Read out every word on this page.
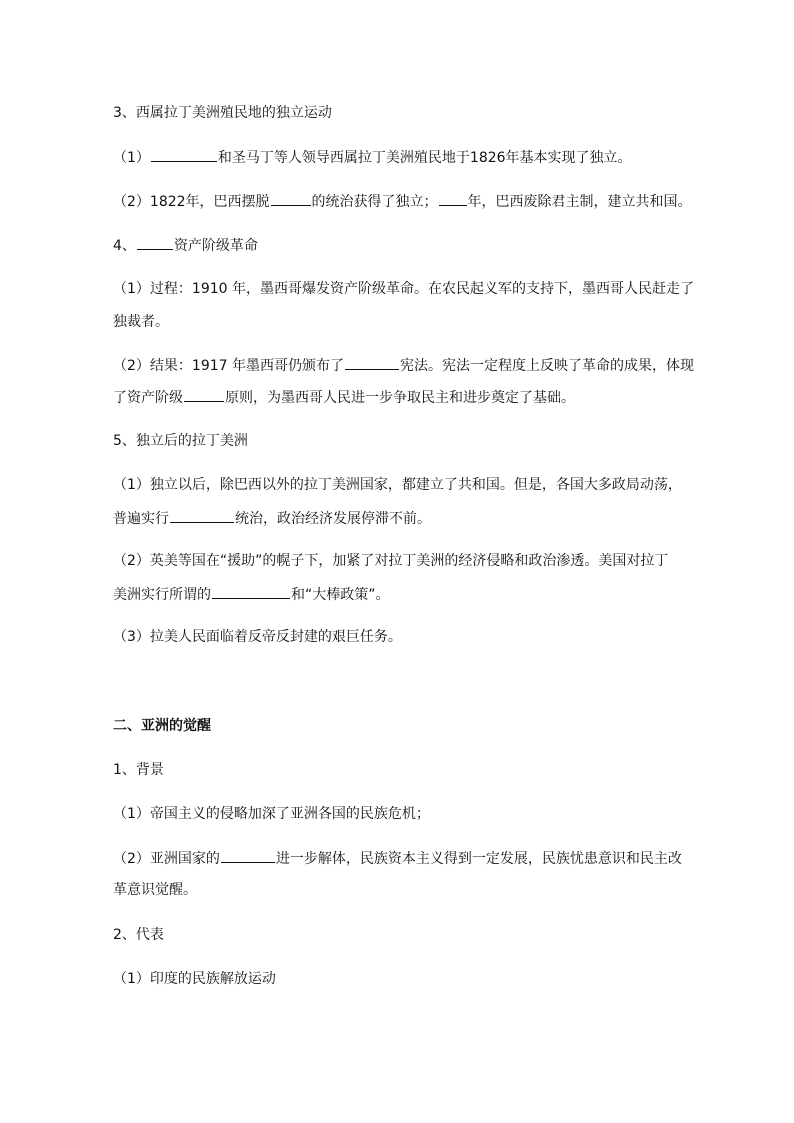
3、西属拉丁美洲殖民地的独立运动
（1）	和圣马丁等人领导西属拉丁美洲殖民地于1826年基本实现了独立。
（2）1822年，巴西摆脱	的统治获得了独立； 年，巴西废除君主制，建立共和国。
4、	资产阶级革命
（1）过程：1910 年，墨西哥爆发资产阶级革命。在农民起义军的支持下，墨西哥人民赶走了
独裁者。
（2）结果：1917 年墨西哥仍颁布了	宪法。宪法一定程度上反映了革命的成果，体现
了资产阶级	原则，为墨西哥人民进一步争取民主和进步奠定了基础。
5、独立后的拉丁美洲
（1）独立以后，除巴西以外的拉丁美洲国家，都建立了共和国。但是，各国大多政局动荡，
普遍实行	统治，政治经济发展停滞不前。
（2）英美等国在“援助”的幌子下，加紧了对拉丁美洲的经济侵略和政治渗透。美国对拉丁
美洲实行所谓的	和“大棒政策”。
（3）拉美人民面临着反帝反封建的艰巨任务。
二、亚洲的觉醒
1、背景
（1）帝国主义的侵略加深了亚洲各国的民族危机；
（2）亚洲国家的	进一步解体，民族资本主义得到一定发展，民族忧患意识和民主改
革意识觉醒。
2、代表
（1）印度的民族解放运动
